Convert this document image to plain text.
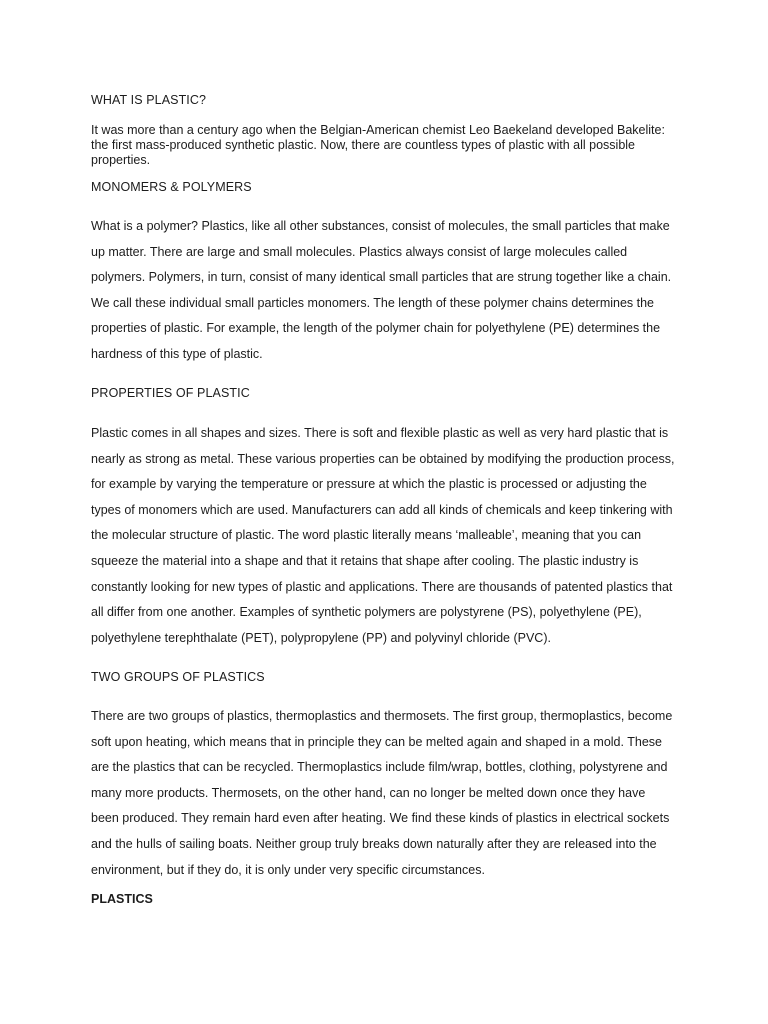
WHAT IS PLASTIC?
It was more than a century ago when the Belgian-American chemist Leo Baekeland developed Bakelite:
the first mass-produced synthetic plastic. Now, there are countless types of plastic with all possible
properties.
MONOMERS & POLYMERS
What is a polymer? Plastics, like all other substances, consist of molecules, the small particles that make
up matter. There are large and small molecules. Plastics always consist of large molecules called
polymers. Polymers, in turn, consist of many identical small particles that are strung together like a chain.
We call these individual small particles monomers. The length of these polymer chains determines the
properties of plastic. For example, the length of the polymer chain for polyethylene (PE) determines the
hardness of this type of plastic.
PROPERTIES OF PLASTIC
Plastic comes in all shapes and sizes. There is soft and flexible plastic as well as very hard plastic that is
nearly as strong as metal. These various properties can be obtained by modifying the production process,
for example by varying the temperature or pressure at which the plastic is processed or adjusting the
types of monomers which are used. Manufacturers can add all kinds of chemicals and keep tinkering with
the molecular structure of plastic. The word plastic literally means ‘malleable’, meaning that you can
squeeze the material into a shape and that it retains that shape after cooling. The plastic industry is
constantly looking for new types of plastic and applications. There are thousands of patented plastics that
all differ from one another. Examples of synthetic polymers are polystyrene (PS), polyethylene (PE),
polyethylene terephthalate (PET), polypropylene (PP) and polyvinyl chloride (PVC).
TWO GROUPS OF PLASTICS
There are two groups of plastics, thermoplastics and thermosets. The first group, thermoplastics, become
soft upon heating, which means that in principle they can be melted again and shaped in a mold. These
are the plastics that can be recycled. Thermoplastics include film/wrap, bottles, clothing, polystyrene and
many more products. Thermosets, on the other hand, can no longer be melted down once they have
been produced. They remain hard even after heating. We find these kinds of plastics in electrical sockets
and the hulls of sailing boats. Neither group truly breaks down naturally after they are released into the
environment, but if they do, it is only under very specific circumstances.
PLASTICS
